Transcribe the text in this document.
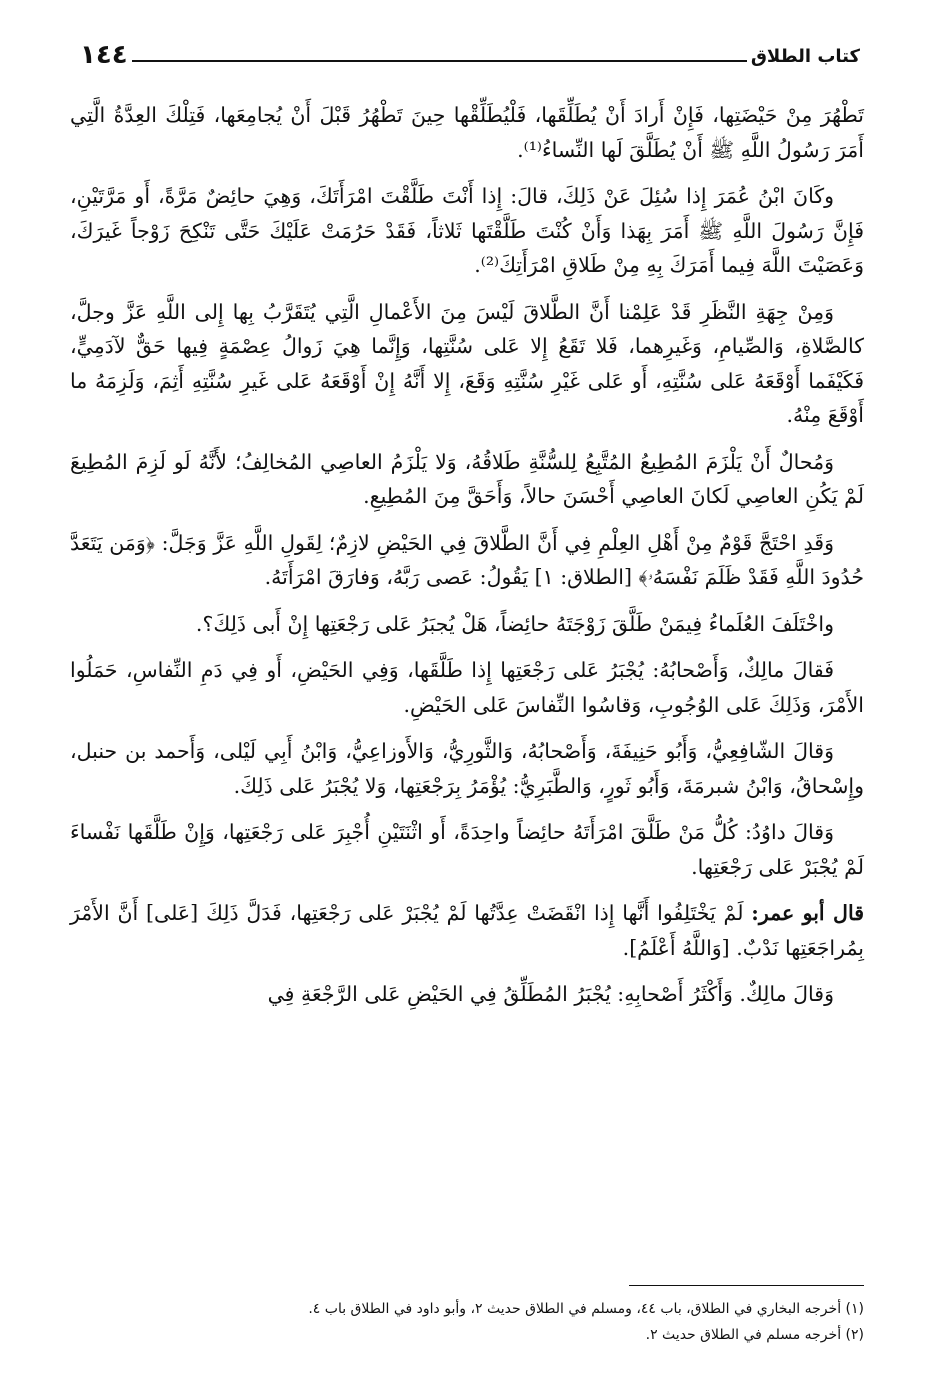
كتاب الطلاق
١٤٤

تَطْهُرَ مِنْ حَيْضَتِها، فَإِنْ أَرادَ أَنْ يُطَلِّقَها، فَلْيُطَلِّقْها حِينَ تَطْهُرُ قَبْلَ أَنْ يُجامِعَها، فَتِلْكَ العِدَّةُ الَّتِي أَمَرَ رَسُولُ اللَّهِ ﷺ أَنْ يُطَلَّقَ لَها النِّساءُ⁽¹⁾.

وكَانَ ابْنُ عُمَرَ إِذا سُئِلَ عَنْ ذَلِكَ، قالَ: إِذا أَنْتَ طَلَّقْتَ امْرَأَتَكَ، وَهِيَ حائِضٌ مَرَّةً، أَو مَرَّتَيْنِ، فَإِنَّ رَسُولَ اللَّهِ ﷺ أَمَرَ بِهَذا وَأَنْ كُنْتَ طَلَّقْتَها ثَلاثاً، فَقَدْ حَرُمَتْ عَلَيْكَ حَتَّى تَنْكِحَ زَوْجاً غَيرَكَ، وَعَصَيْتَ اللَّهَ فِيما أَمَرَكَ بِهِ مِنْ طَلاقِ امْرَأَتِكَ⁽²⁾.

وَمِنْ جِهَةِ النَّظَرِ قَدْ عَلِمْنا أَنَّ الطَّلاقَ لَيْسَ مِنَ الأَعْمالِ الَّتِي يُتَقَرَّبُ بِها إِلى اللَّهِ عَزَّ وجلَّ، كالصَّلاةِ، وَالصِّيامِ، وَغَيرِهما، فَلا تَقَعُ إِلا عَلى سُنَّتِها، وَإِنَّما هِيَ زَوالُ عِصْمَةٍ فِيها حَقٌّ لآدَمِيٍّ، فَكَيْفَما أَوْقَعَهُ عَلى سُنَّتِهِ، أَو عَلى غَيْرِ سُنَّتِهِ وَقَعَ، إِلا أَنَّهُ إِنْ أَوْقَعَهُ عَلى غَيرِ سُنَّتِهِ أَثِمَ، وَلَزِمَهُ ما أَوْقَعَ مِنْهُ.

وَمُحالٌ أَنْ يَلْزَمَ المُطِيعُ المُتَّبِعُ لِلسُّنَّةِ طَلاقُهُ، وَلا يَلْزَمُ العاصِي المُخالِفُ؛ لأَنَّهُ لَو لَزِمَ المُطِيعَ لَمْ يَكُنِ العاصِي لَكانَ العاصِي أَحْسَنَ حالاً، وَأَحَقَّ مِنَ المُطِيعِ.

وَقَدِ احْتَجَّ قَوْمٌ مِنْ أَهْلِ العِلْمِ فِي أَنَّ الطَّلاقَ فِي الحَيْضِ لازِمٌ؛ لِقَولِ اللَّهِ عَزَّ وَجَلَّ: ﴿وَمَن يَتَعَدَّ حُدُودَ اللَّهِ فَقَدْ ظَلَمَ نَفْسَهُۥ﴾ [الطلاق: ١] يَقُولُ: عَصى رَبَّهُ، وَفارَقَ امْرَأَتَهُ.

واخْتَلَفَ العُلَماءُ فِيمَنْ طَلَّقَ زَوْجَتَهُ حائِضاً، هَلْ يُجبَرُ عَلى رَجْعَتِها إِنْ أَبى ذَلِكَ؟.

فَقالَ مالِكٌ، وَأَصْحابُهُ: يُجْبَرُ عَلى رَجْعَتِها إِذا طَلَّقَها، وَفِي الحَيْضِ، أَو فِي دَمِ النِّفاسِ، حَمَلُوا الأَمْرَ، وَذَلِكَ عَلى الوُجُوبِ، وَقاسُوا النِّفاسَ عَلى الحَيْضِ.

وَقالَ الشّافِعِيُّ، وَأَبُو حَنِيفَةَ، وَأَصْحابُهُ، وَالثَّورِيُّ، وَالأَوزاعِيُّ، وَابْنُ أَبِي لَيْلى، وَأَحمد بن حنبل، وإِسْحاقُ، وَابْنُ شبرمَةَ، وَأَبُو ثَورٍ، وَالطَّبَرِيُّ: يُؤْمَرُ بِرَجْعَتِها، وَلا يُجْبَرُ عَلى ذَلِكَ.

وَقالَ داوُدُ: كُلُّ مَنْ طَلَّقَ امْرَأَتَهُ حائِضاً واحِدَةً، أَو اثْنَتَيْنِ أُجْبِرَ عَلى رَجْعَتِها، وَإِنْ طَلَّقَها نَفْساءَ لَمْ يُجْبَرْ عَلى رَجْعَتِها.

قال أبو عمر: لَمْ يَخْتَلِفُوا أَنَّها إِذا انْقَضَتْ عِدَّتُها لَمْ يُجْبَرْ عَلى رَجْعَتِها، فَدَلَّ ذَلِكَ [عَلى] أَنَّ الأَمْرَ بِمُراجَعَتِها نَدْبٌ. [وَاللَّهُ أَعْلَمُ].

وَقالَ مالِكٌ. وَأَكْثَرُ أَصْحابِهِ: يُجْبَرُ المُطَلِّقُ فِي الحَيْضِ عَلى الرَّجْعَةِ فِي

(١) أخرجه البخاري في الطلاق، باب ٤٤، ومسلم في الطلاق حديث ٢، وأبو داود في الطلاق باب ٤.

(٢) أخرجه مسلم في الطلاق حديث ٢.
